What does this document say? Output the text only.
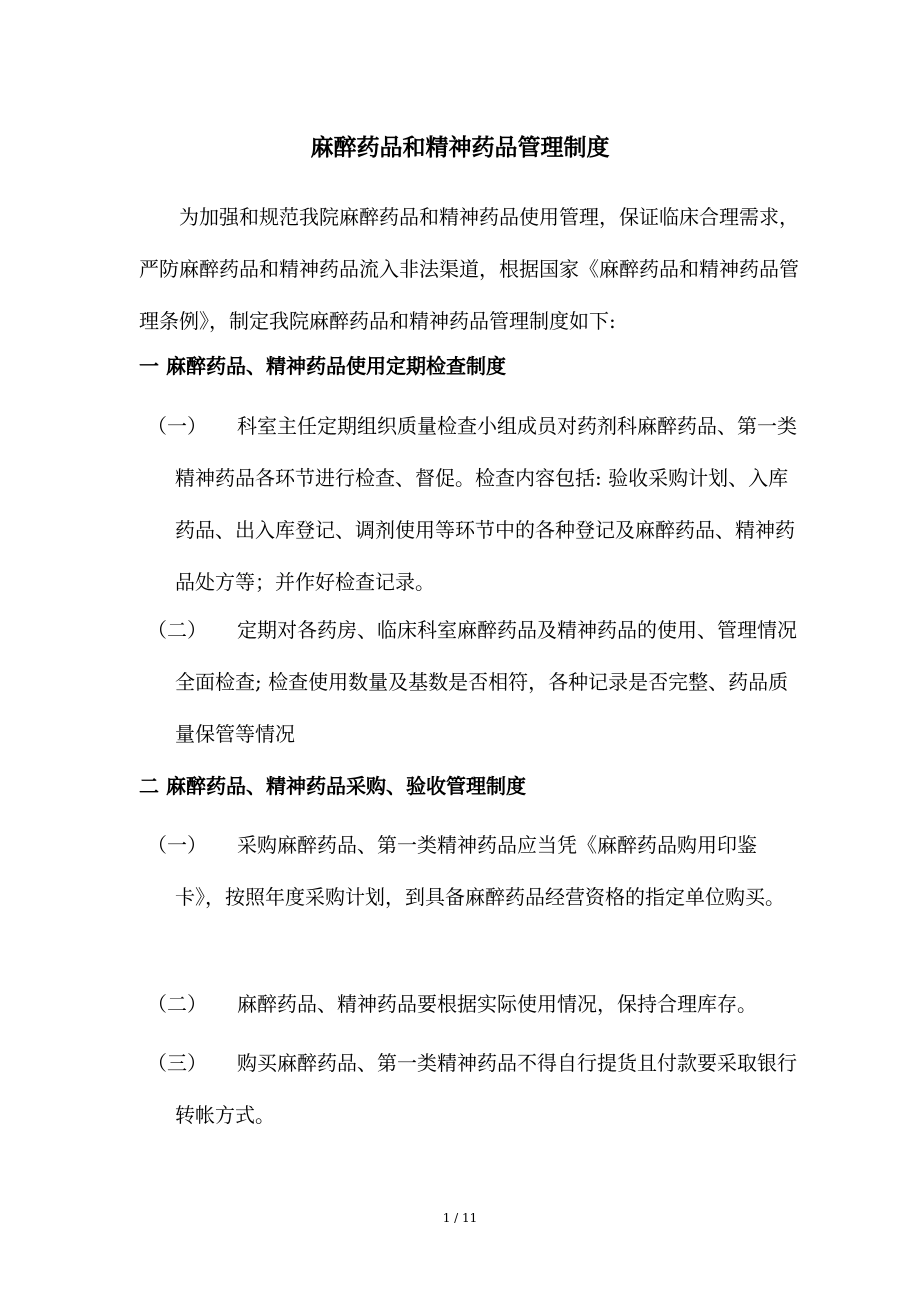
麻醉药品和精神药品管理制度
为加强和规范我院麻醉药品和精神药品使用管理，保证临床合理需求，严防麻醉药品和精神药品流入非法渠道，根据国家《麻醉药品和精神药品管理条例》，制定我院麻醉药品和精神药品管理制度如下:
一 麻醉药品、精神药品使用定期检查制度
（一）	科室主任定期组织质量检查小组成员对药剂科麻醉药品、第一类精神药品各环节进行检查、督促。检查内容包括: 验收采购计划、入库药品、出入库登记、调剂使用等环节中的各种登记及麻醉药品、精神药品处方等；并作好检查记录。
（二）	定期对各药房、临床科室麻醉药品及精神药品的使用、管理情况全面检查; 检查使用数量及基数是否相符，各种记录是否完整、药品质量保管等情况
二 麻醉药品、精神药品采购、验收管理制度
（一）	采购麻醉药品、第一类精神药品应当凭《麻醉药品购用印鉴卡》，按照年度采购计划，到具备麻醉药品经营资格的指定单位购买。
（二）	麻醉药品、精神药品要根据实际使用情况，保持合理库存。
（三）	购买麻醉药品、第一类精神药品不得自行提货且付款要采取银行转帐方式。
1 / 11
